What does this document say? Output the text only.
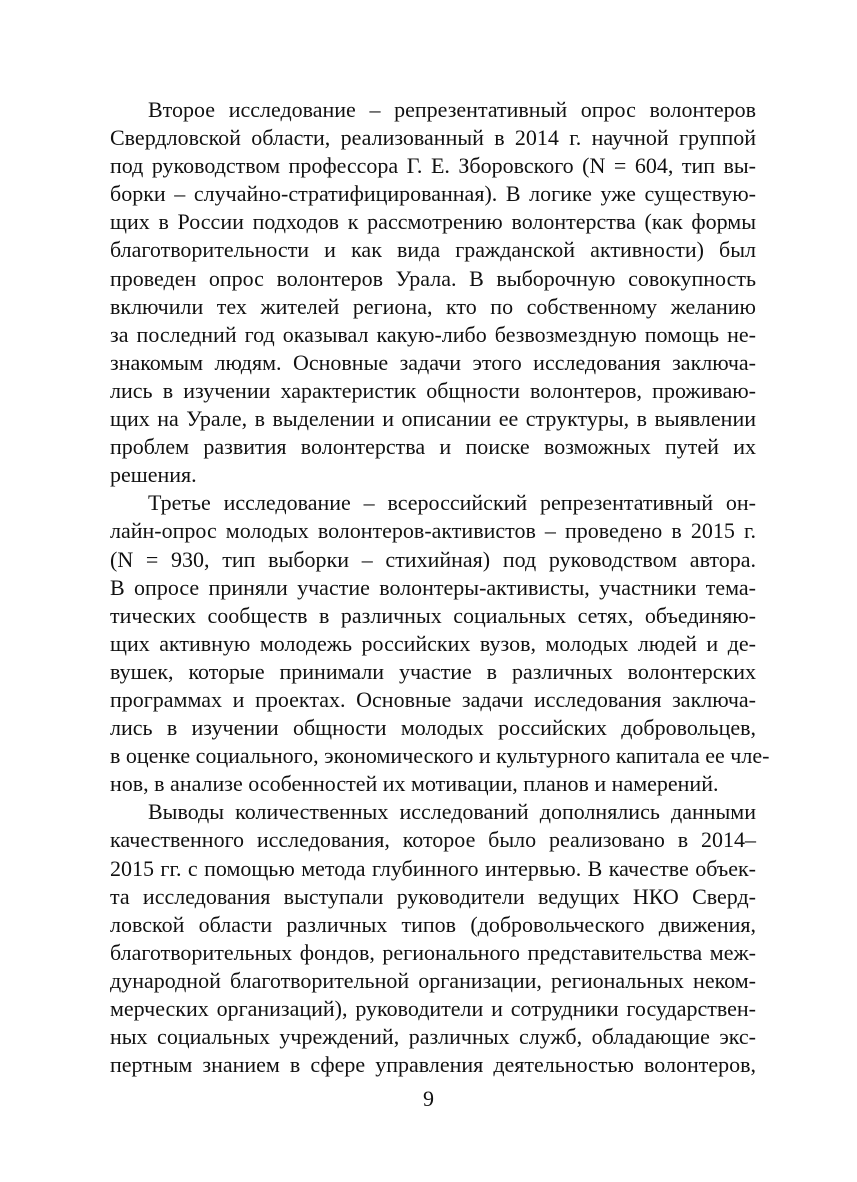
Второе исследование – репрезентативный опрос волонтеров
Свердловской области, реализованный в 2014 г. научной группой
под руководством профессора Г. Е. Зборовского (N = 604, тип вы-
борки – случайно-стратифицированная). В логике уже существую-
щих в России подходов к рассмотрению волонтерства (как формы
благотворительности и как вида гражданской активности) был
проведен опрос волонтеров Урала. В выборочную совокупность
включили тех жителей региона, кто по собственному желанию
за последний год оказывал какую-либо безвозмездную помощь не-
знакомым людям. Основные задачи этого исследования заключа-
лись в изучении характеристик общности волонтеров, проживаю-
щих на Урале, в выделении и описании ее структуры, в выявлении
проблем развития волонтерства и поиске возможных путей их
решения.
Третье исследование – всероссийский репрезентативный он-
лайн-опрос молодых волонтеров-активистов – проведено в 2015 г.
(N = 930, тип выборки – стихийная) под руководством автора.
В опросе приняли участие волонтеры-активисты, участники тема-
тических сообществ в различных социальных сетях, объединяю-
щих активную молодежь российских вузов, молодых людей и де-
вушек, которые принимали участие в различных волонтерских
программах и проектах. Основные задачи исследования заключа-
лись в изучении общности молодых российских добровольцев,
в оценке социального, экономического и культурного капитала ее чле-
нов, в анализе особенностей их мотивации, планов и намерений.
Выводы количественных исследований дополнялись данными
качественного исследования, которое было реализовано в 2014–
2015 гг. с помощью метода глубинного интервью. В качестве объек-
та исследования выступали руководители ведущих НКО Сверд-
ловской области различных типов (добровольческого движения,
благотворительных фондов, регионального представительства меж-
дународной благотворительной организации, региональных неком-
мерческих организаций), руководители и сотрудники государствен-
ных социальных учреждений, различных служб, обладающие экс-
пертным знанием в сфере управления деятельностью волонтеров,
9
